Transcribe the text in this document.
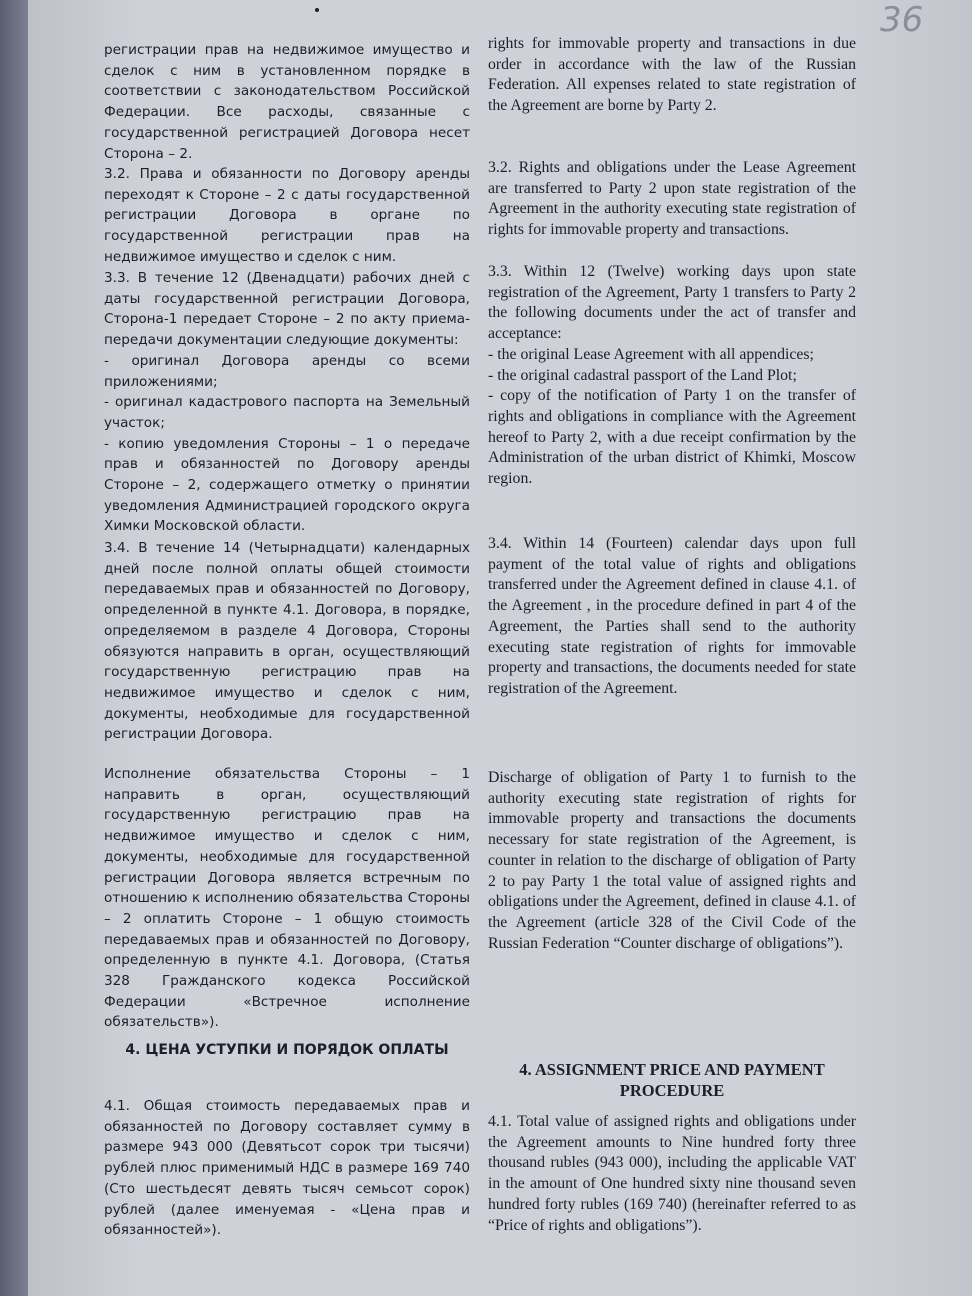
36

регистрации прав на недвижимое имущество и сделок с ним в установленном порядке в соответствии с законодательством Российской Федерации. Все расходы, связанные с государственной регистрацией Договора несет Сторона – 2.

3.2. Права и обязанности по Договору аренды переходят к Стороне – 2 с даты государственной регистрации Договора в органе по государственной регистрации прав на недвижимое имущество и сделок с ним.

3.3. В течение 12 (Двенадцати) рабочих дней с даты государственной регистрации Договора, Сторона-1 передает Стороне – 2 по акту приема-передачи документации следующие документы:

- оригинал Договора аренды со всеми приложениями;

- оригинал кадастрового паспорта на Земельный участок;

- копию уведомления Стороны – 1 о передаче прав и обязанностей по Договору аренды Стороне – 2, содержащего отметку о принятии уведомления Администрацией городского округа Химки Московской области.

3.4. В течение 14 (Четырнадцати) календарных дней после полной оплаты общей стоимости передаваемых прав и обязанностей по Договору, определенной в пункте 4.1. Договора, в порядке, определяемом в разделе 4 Договора, Стороны обязуются направить в орган, осуществляющий государственную регистрацию прав на недвижимое имущество и сделок с ним, документы, необходимые для государственной регистрации Договора.

Исполнение обязательства Стороны – 1 направить в орган, осуществляющий государственную регистрацию прав на недвижимое имущество и сделок с ним, документы, необходимые для государственной регистрации Договора является встречным по отношению к исполнению обязательства Стороны – 2 оплатить Стороне – 1 общую стоимость передаваемых прав и обязанностей по Договору, определенную в пункте 4.1. Договора, (Статья 328 Гражданского кодекса Российской Федерации «Встречное исполнение обязательств»).

4. ЦЕНА УСТУПКИ И ПОРЯДОК ОПЛАТЫ

4.1. Общая стоимость передаваемых прав и обязанностей по Договору составляет сумму в размере 943 000 (Девятьсот сорок три тысячи) рублей плюс применимый НДС в размере 169 740 (Сто шестьдесят девять тысяч семьсот сорок) рублей (далее именуемая - «Цена прав и обязанностей»).

rights for immovable property and transactions in due order in accordance with the law of the Russian Federation. All expenses related to state registration of the Agreement are borne by Party 2.

3.2. Rights and obligations under the Lease Agreement are transferred to Party 2 upon state registration of the Agreement in the authority executing state registration of rights for immovable property and transactions.

3.3. Within 12 (Twelve) working days upon state registration of the Agreement, Party 1 transfers to Party 2 the following documents under the act of transfer and acceptance:

- the original Lease Agreement with all appendices;

- the original cadastral passport of the Land Plot;

- copy of the notification of Party 1 on the transfer of rights and obligations in compliance with the Agreement hereof to Party 2, with a due receipt confirmation by the Administration of the urban district of Khimki, Moscow region.

3.4. Within 14 (Fourteen) calendar days upon full payment of the total value of rights and obligations transferred under the Agreement defined in clause 4.1. of the Agreement , in the procedure defined in part 4 of the Agreement, the Parties shall send to the authority executing state registration of rights for immovable property and transactions, the documents needed for state registration of the Agreement.

Discharge of obligation of Party 1 to furnish to the authority executing state registration of rights for immovable property and transactions the documents necessary for state registration of the Agreement, is counter in relation to the discharge of obligation of Party 2 to pay Party 1 the total value of assigned rights and obligations under the Agreement, defined in clause 4.1. of the Agreement (article 328 of the Civil Code of the Russian Federation “Counter discharge of obligations”).

4. ASSIGNMENT PRICE AND PAYMENT PROCEDURE

4.1. Total value of assigned rights and obligations under the Agreement amounts to Nine hundred forty three thousand rubles (943 000), including the applicable VAT in the amount of One hundred sixty nine thousand seven hundred forty rubles (169 740) (hereinafter referred to as “Price of rights and obligations”).
